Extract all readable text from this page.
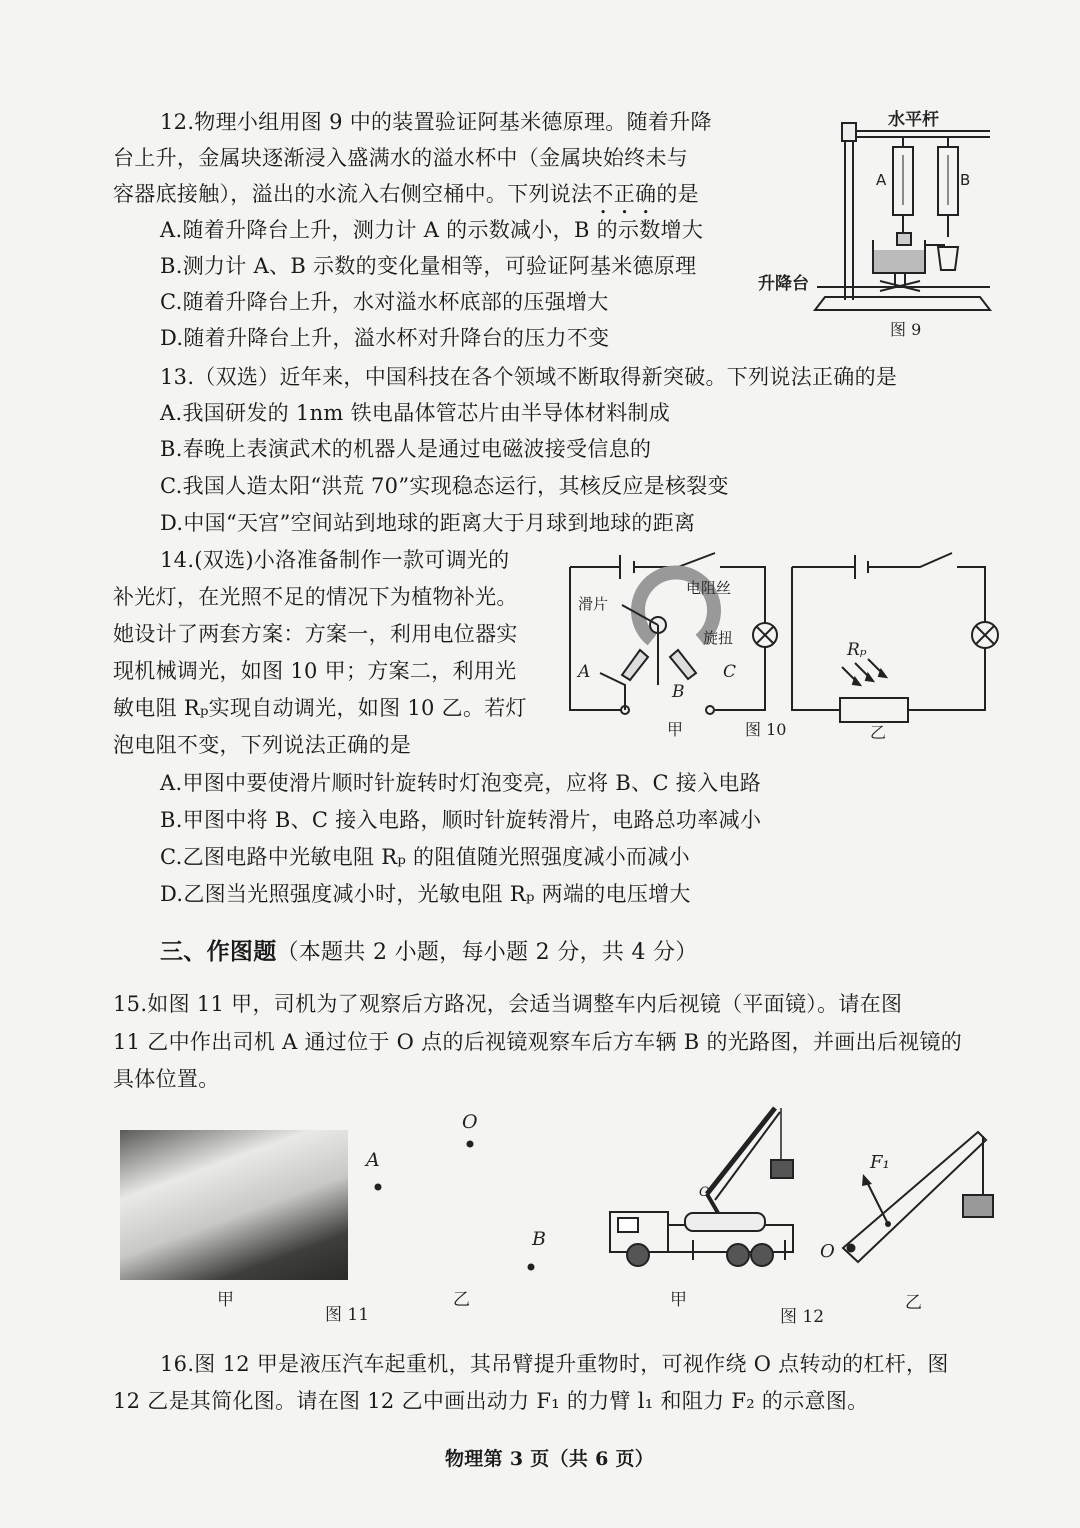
12.物理小组用图 9 中的装置验证阿基米德原理。随着升降
台上升，金属块逐渐浸入盛满水的溢水杯中（金属块始终未与
容器底接触），溢出的水流入右侧空桶中。下列说法不正确的是
A.随着升降台上升，测力计 A 的示数减小，B 的示数增大
B.测力计 A、B 示数的变化量相等，可验证阿基米德原理
C.随着升降台上升，水对溢水杯底部的压强增大
D.随着升降台上升，溢水杯对升降台的压力不变
水平杆
A	B
升降台
图 9
13.（双选）近年来，中国科技在各个领域不断取得新突破。下列说法正确的是
A.我国研发的 1nm 铁电晶体管芯片由半导体材料制成
B.春晚上表演武术的机器人是通过电磁波接受信息的
C.我国人造太阳“洪荒 70”实现稳态运行，其核反应是核裂变
D.中国“天宫”空间站到地球的距离大于月球到地球的距离
14.(双选)小洛准备制作一款可调光的
补光灯，在光照不足的情况下为植物补光。
她设计了两套方案：方案一，利用电位器实
现机械调光，如图 10 甲；方案二，利用光
敏电阻 Rₚ实现自动调光，如图 10 乙。若灯
泡电阻不变，下列说法正确的是
A.甲图中要使滑片顺时针旋转时灯泡变亮，应将 B、C 接入电路
B.甲图中将 B、C 接入电路，顺时针旋转滑片，电路总功率减小
C.乙图电路中光敏电阻 Rₚ 的阻值随光照强度减小而减小
D.乙图当光照强度减小时，光敏电阻 Rₚ 两端的电压增大
滑片
电阻丝
旋扭
A
B
C
甲	图 10
Rₚ
乙
三、作图题（本题共 2 小题，每小题 2 分，共 4 分）
15.如图 11 甲，司机为了观察后方路况，会适当调整车内后视镜（平面镜）。请在图
11 乙中作出司机 A 通过位于 O 点的后视镜观察车后方车辆 B 的光路图，并画出后视镜的
具体位置。
O
A
B
甲
图 11
乙
O
甲
图 12
F₁
O
乙
16.图 12 甲是液压汽车起重机，其吊臂提升重物时，可视作绕 O 点转动的杠杆，图
12 乙是其简化图。请在图 12 乙中画出动力 F₁ 的力臂 l₁ 和阻力 F₂ 的示意图。
物理第 3 页（共 6 页）
